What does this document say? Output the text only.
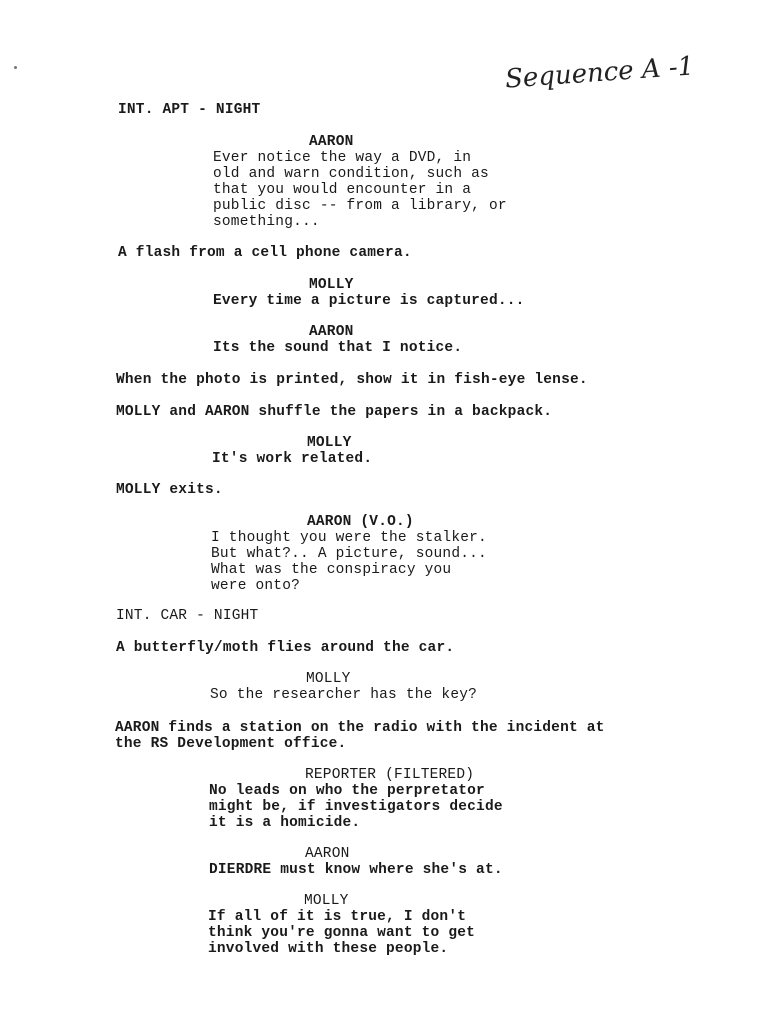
Sequence A -1
INT. APT - NIGHT
AARON
Ever notice the way a DVD, in
old and warn condition, such as
that you would encounter in a
public disc -- from a library, or
something...
A flash from a cell phone camera.
MOLLY
Every time a picture is captured...
AARON
Its the sound that I notice.
When the photo is printed, show it in fish-eye lense.
MOLLY and AARON shuffle the papers in a backpack.
MOLLY
It's work related.
MOLLY exits.
AARON (V.O.)
I thought you were the stalker.
But what?.. A picture, sound...
What was the conspiracy you
were onto?
INT. CAR - NIGHT
A butterfly/moth flies around the car.
MOLLY
So the researcher has the key?
AARON finds a station on the radio with the incident at
the RS Development office.
REPORTER (FILTERED)
No leads on who the perpretator
might be, if investigators decide
it is a homicide.
AARON
DIERDRE must know where she's at.
MOLLY
If all of it is true, I don't
think you're gonna want to get
involved with these people.
